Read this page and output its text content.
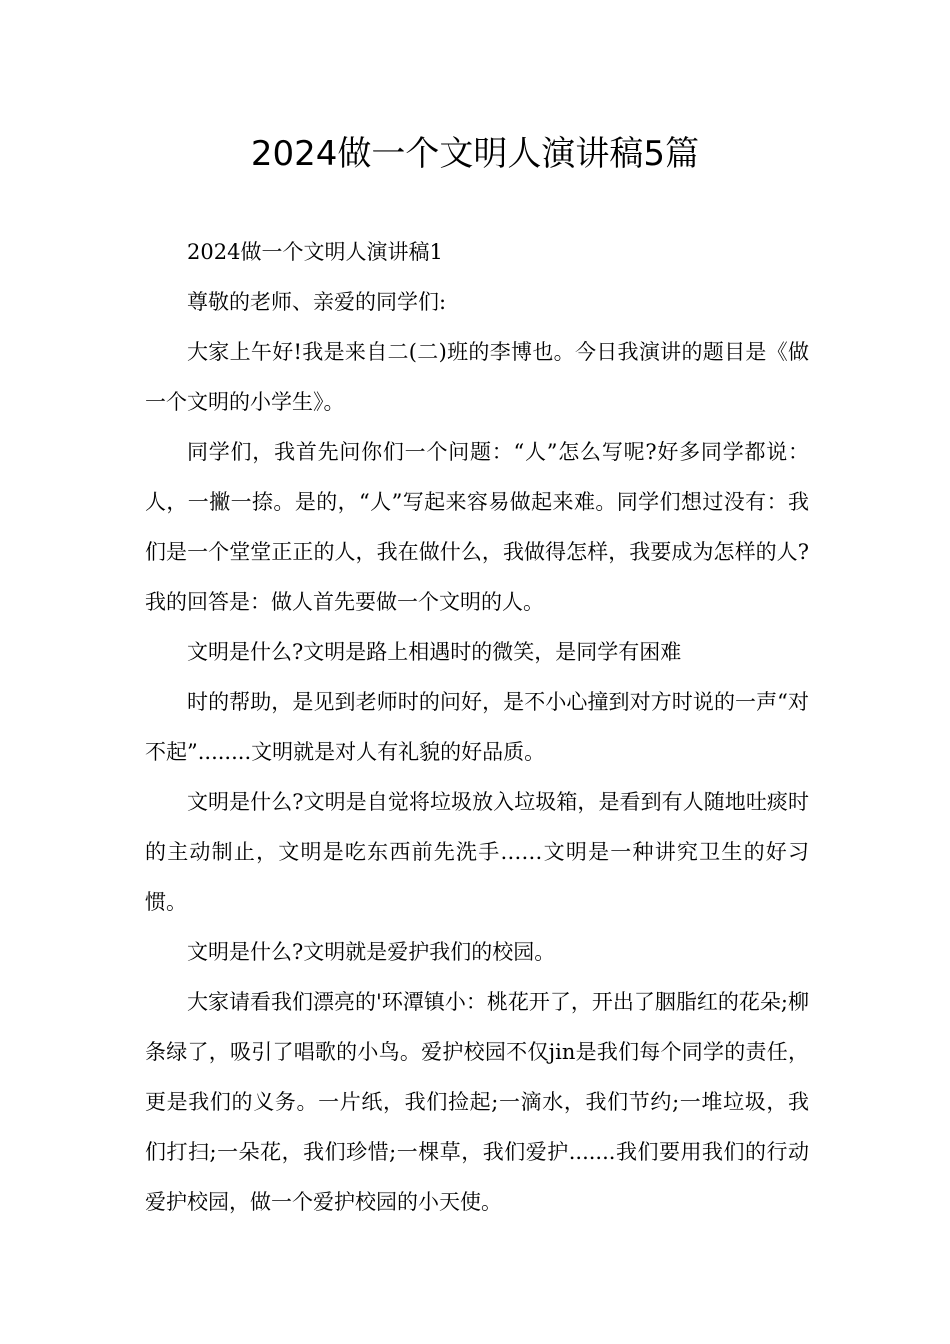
2024做一个文明人演讲稿5篇

2024做一个文明人演讲稿1

尊敬的老师、亲爱的同学们:

大家上午好!我是来自二(二)班的李博也。今日我演讲的题目是《做一个文明的小学生》。

同学们，我首先问你们一个问题：“人”怎么写呢?好多同学都说：人，一撇一捺。是的，“人”写起来容易做起来难。同学们想过没有：我们是一个堂堂正正的人，我在做什么，我做得怎样，我要成为怎样的人?我的回答是：做人首先要做一个文明的人。

文明是什么?文明是路上相遇时的微笑，是同学有困难

时的帮助，是见到老师时的问好，是不小心撞到对方时说的一声“对不起”........文明就是对人有礼貌的好品质。

文明是什么?文明是自觉将垃圾放入垃圾箱，是看到有人随地吐痰时的主动制止，文明是吃东西前先洗手……文明是一种讲究卫生的好习惯。

文明是什么?文明就是爱护我们的校园。

大家请看我们漂亮的'环潭镇小：桃花开了，开出了胭脂红的花朵;柳条绿了，吸引了唱歌的小鸟。爱护校园不仅jin是我们每个同学的责任，更是我们的义务。一片纸，我们捡起;一滴水，我们节约;一堆垃圾，我们打扫;一朵花，我们珍惜;一棵草，我们爱护.......我们要用我们的行动爱护校园，做一个爱护校园的小天使。
